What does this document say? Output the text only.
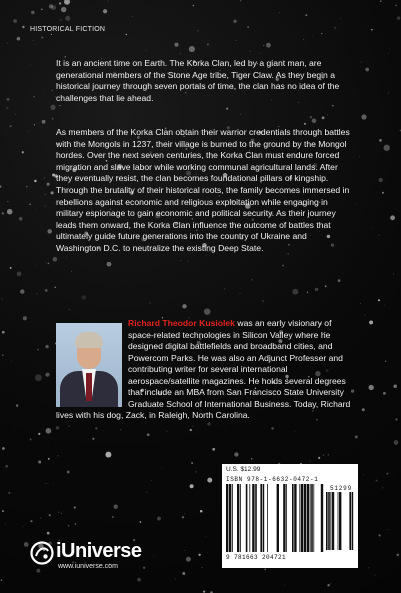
HISTORICAL FICTION

It is an ancient time on Earth. The Korka Clan, led by a giant man, are generational members of the Stone Age tribe, Tiger Claw. As they begin a historical journey through seven portals of time, the clan has no idea of the challenges that lie ahead.

As members of the Korka Clan obtain their warrior credentials through battles with the Mongols in 1237, their village is burned to the ground by the Mongol hordes. Over the next seven centuries, the Korka Clan must endure forced migration and slave labor while working communal agricultural lands. After they eventually resist, the clan becomes foundational pillars of kingship. Through the brutality of their historical roots, the family becomes immersed in rebellions against economic and religious exploitation while engaging in military espionage to gain economic and political security. As their journey leads them onward, the Korka Clan influence the outcome of battles that ultimately guide future generations into the country of Ukraine and Washington D.C. to neutralize the existing Deep State.

Richard Theodor Kusiolek was an early visionary of space-related technologies in Silicon Valley where he designed digital battlefields and broadband cities, and Powercom Parks. He was also an Adjunct Professer and contributing writer for several international aerospace/satellite magazines. He holds several degrees that include an MBA from San Francisco State University Graduate School of International Business. Today, Richard lives with his dog, Zack, in Raleigh, North Carolina.
U.S. $12.99
ISBN 978-1-6632-0472-1
51299
9 781663 204721
iUniverse
www.iuniverse.com
